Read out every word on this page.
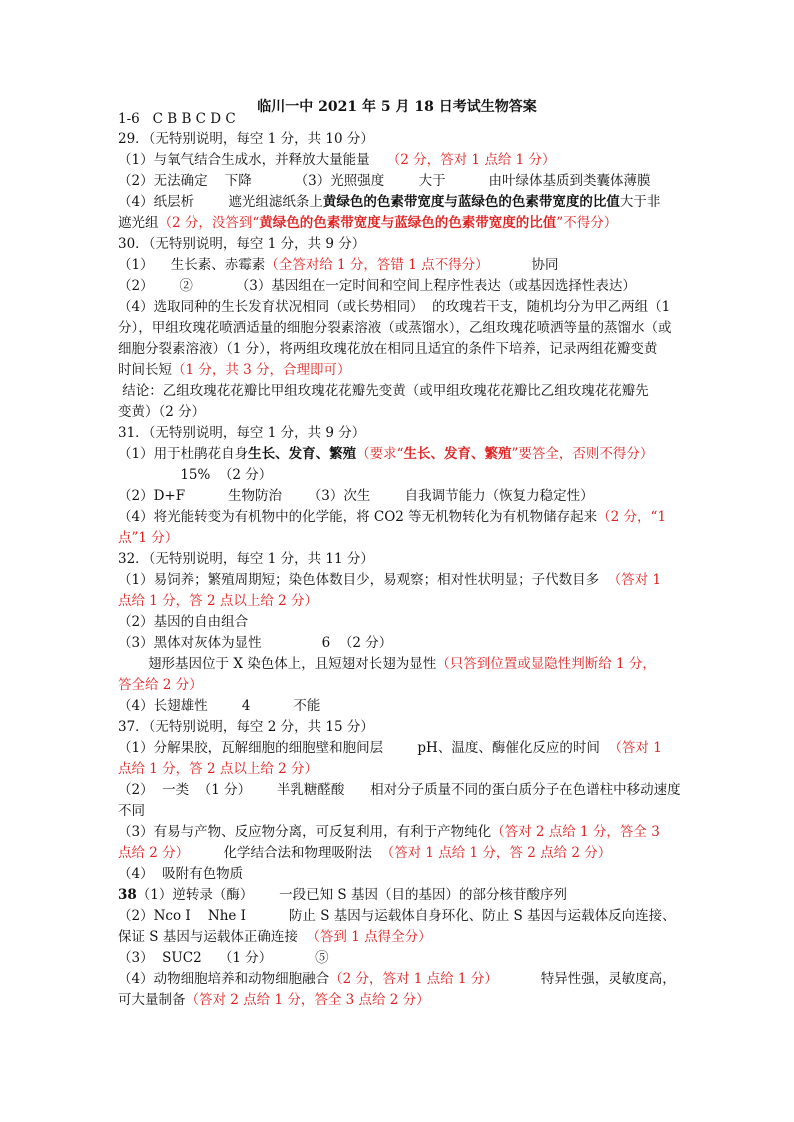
临川一中 2021 年 5 月 18 日考试生物答案
1-6   C B B C D C
29．（无特别说明，每空 1 分，共 10 分）
（1）与氧气结合生成水，并释放大量能量    （2 分，答对 1 点给 1 分）
（2）无法确定    下降          （3）光照强度        大于          由叶绿体基质到类囊体薄膜
（4）纸层析        遮光组滤纸条上黄绿色的色素带宽度与蓝绿色的色素带宽度的比值大于非
遮光组（2 分，没答到“黄绿色的色素带宽度与蓝绿色的色素带宽度的比值”不得分）
30．（无特别说明，每空 1 分，共 9 分）
（1）    生长素、赤霉素（全答对给 1 分，答错 1 点不得分）          协同
（2）      ②          （3）基因组在一定时间和空间上程序性表达（或基因选择性表达）
（4）选取同种的生长发育状况相同（或长势相同）  的玫瑰若干支，随机均分为甲乙两组（1
分），甲组玫瑰花喷洒适量的细胞分裂素溶液（或蒸馏水），乙组玫瑰花喷洒等量的蒸馏水（或
细胞分裂素溶液）（1 分），将两组玫瑰花放在相同且适宜的条件下培养，记录两组花瓣变黄
时间长短（1 分，共 3 分，合理即可）
结论：乙组玫瑰花花瓣比甲组玫瑰花花瓣先变黄（或甲组玫瑰花花瓣比乙组玫瑰花花瓣先
变黄）（2 分）
31．（无特别说明，每空 1 分，共 9 分）
（1）用于杜鹃花自身生长、发育、繁殖（要求“生长、发育、繁殖”要答全，否则不得分）
15%  （2 分）
（2）D+F          生物防治      （3）次生        自我调节能力（恢复力稳定性）
（4）将光能转变为有机物中的化学能，将 CO2 等无机物转化为有机物储存起来（2 分，“1
点”1 分）
32．（无特别说明，每空 1 分，共 11 分）
（1）易饲养；繁殖周期短；染色体数目少，易观察；相对性状明显；子代数目多  （答对 1
点给 1 分，答 2 点以上给 2 分）
（2）基因的自由组合
（3）黑体对灰体为显性              6  （2 分）
翅形基因位于 X 染色体上，且短翅对长翅为显性（只答到位置或显隐性判断给 1 分，
答全给 2 分）
（4）长翅雄性        4          不能
37．（无特别说明，每空 2 分，共 15 分）
（1）分解果胶，瓦解细胞的细胞壁和胞间层        pH、温度、酶催化反应的时间  （答对 1
点给 1 分，答 2 点以上给 2 分）
（2）  一类  （1 分）      半乳糖醛酸      相对分子质量不同的蛋白质分子在色谱柱中移动速度
不同
（3）有易与产物、反应物分离，可反复利用，有利于产物纯化（答对 2 点给 1 分，答全 3
点给 2 分）        化学结合法和物理吸附法  （答对 1 点给 1 分，答 2 点给 2 分）
（4）  吸附有色物质
38（1）逆转录（酶）      一段已知 S 基因（目的基因）的部分核苷酸序列
（2）Nco Ⅰ    Nhe Ⅰ          防止 S 基因与运载体自身环化、防止 S 基因与运载体反向连接、
保证 S 基因与运载体正确连接  （答到 1 点得全分）
（3）  SUC2    （1 分）          ⑤
（4）动物细胞培养和动物细胞融合（2 分，答对 1 点给 1 分）          特异性强，灵敏度高，
可大量制备（答对 2 点给 1 分，答全 3 点给 2 分）
